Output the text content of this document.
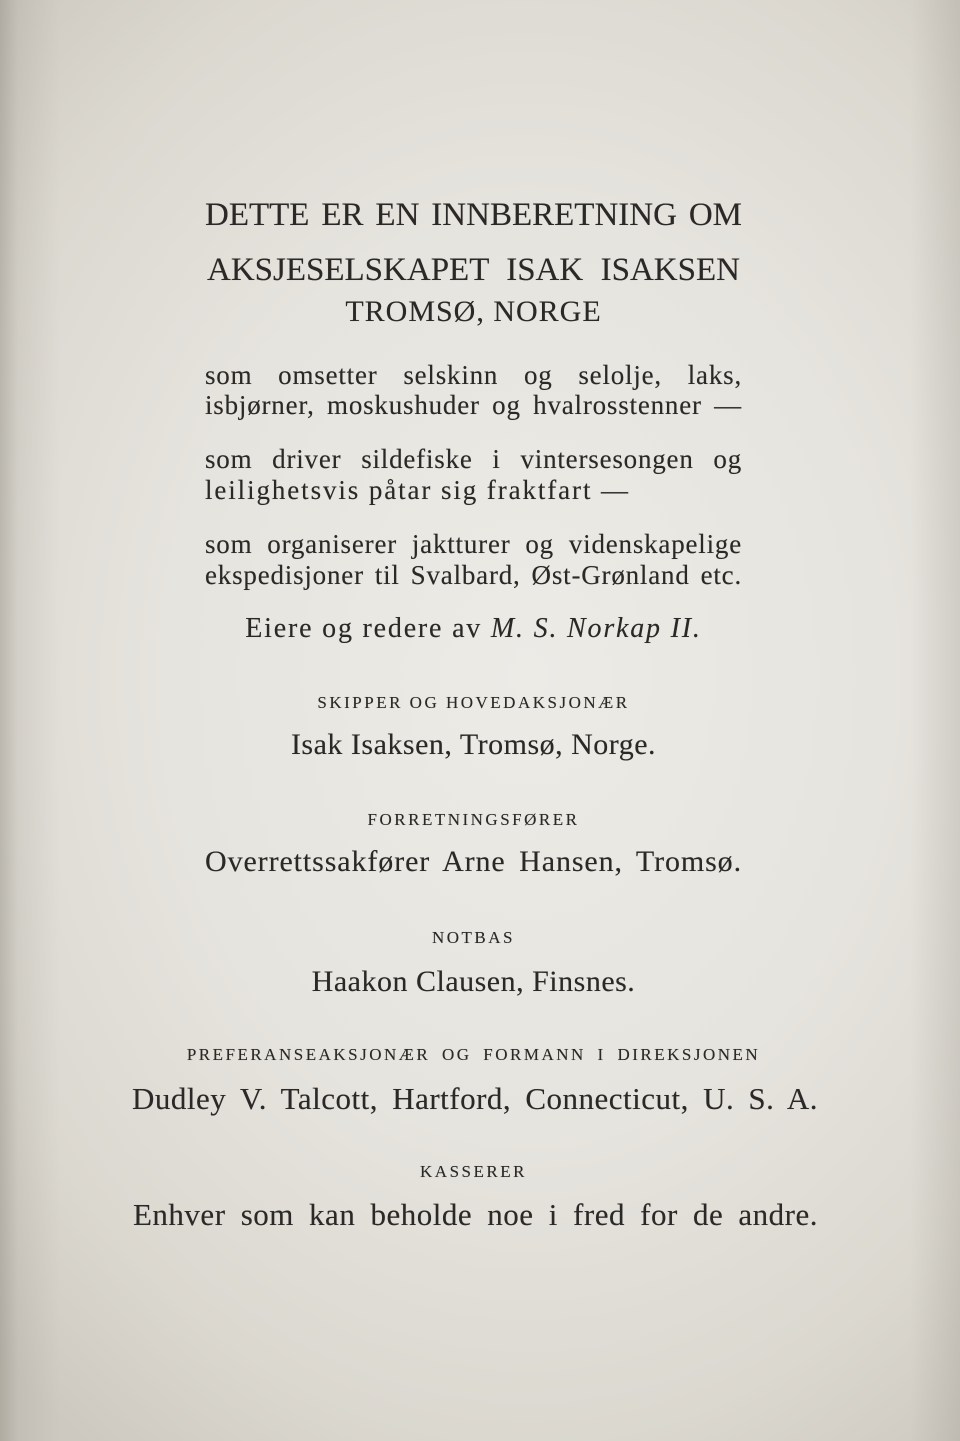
DETTE ER EN INNBERETNING OM
AKSJESELSKAPET ISAK ISAKSEN
TROMSØ, NORGE
som omsetter selskinn og selolje, laks,
isbjørner, moskushuder og hvalrosstenner —
som driver sildefiske i vintersesongen og
leilighetsvis påtar sig fraktfart —
som organiserer jaktturer og videnskapelige
ekspedisjoner til Svalbard, Øst-Grønland etc.
Eiere og redere av M. S. Norkap II.
SKIPPER OG HOVEDAKSJONÆR
Isak Isaksen, Tromsø, Norge.
FORRETNINGSFØRER
Overrettssakfører Arne Hansen, Tromsø.
NOTBAS
Haakon Clausen, Finsnes.
PREFERANSEAKSJONÆR OG FORMANN I DIREKSJONEN
Dudley V. Talcott, Hartford, Connecticut, U. S. A.
KASSERER
Enhver som kan beholde noe i fred for de andre.
